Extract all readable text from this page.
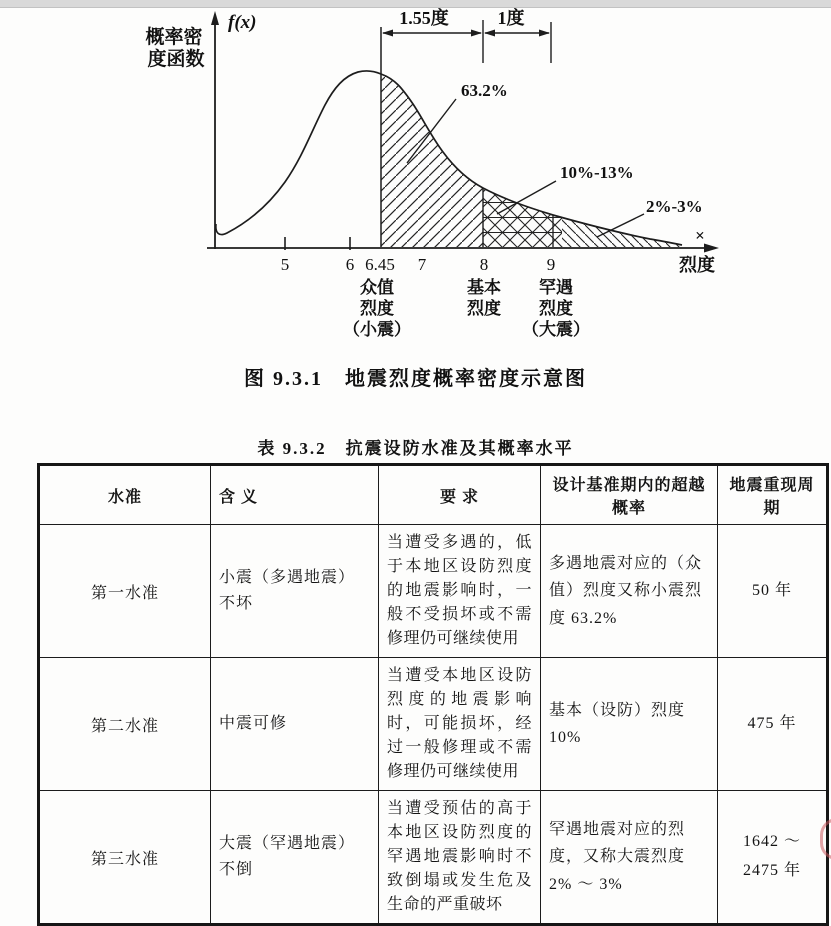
概率密
度函数
f(x)	1.55度	1度
63.2%
10%-13%
2%-3%
×
烈度
5	6 6.45 7	8	9
众值
烈度
（小震）
基本
烈度
罕遇
烈度
（大震）
图 9.3.1　地震烈度概率密度示意图
表 9.3.2　抗震设防水准及其概率水平
水准	含 义	要 求	设计基准期内的超越概率	地震重现周期
第一水准	小震（多遇地震）不坏	当遭受多遇的，低于本地区设防烈度的地震影响时，一般不受损坏或不需修理仍可继续使用	多遇地震对应的（众值）烈度又称小震烈度 63.2%	50 年
第二水准	中震可修	当遭受本地区设防烈度的地震影响时，可能损坏，经过一般修理或不需修理仍可继续使用	基本（设防）烈度 10%	475 年
第三水准	大震（罕遇地震）不倒	当遭受预估的高于本地区设防烈度的罕遇地震影响时不致倒塌或发生危及生命的严重破坏	罕遇地震对应的烈度，又称大震烈度 2% ～ 3%	1642 ～ 2475 年
